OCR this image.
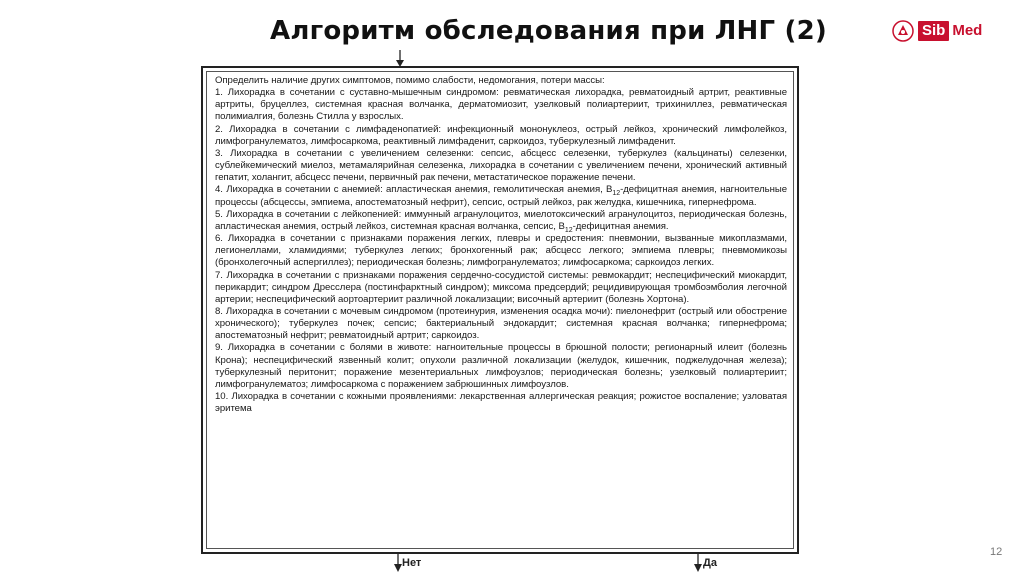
Алгоритм обследования при ЛНГ (2)	Sib Med

Определить наличие других симптомов, помимо слабости, недомогания, потери массы:

1. Лихорадка в сочетании с суставно-мышечным синдромом: ревматическая лихорадка, ревматоидный артрит, реактивные артриты, бруцеллез, системная красная волчанка, дерматомиозит, узелковый полиартериит, трихиниллез, ревматическая полимиалгия, болезнь Стилла у взрослых.

2. Лихорадка в сочетании с лимфаденопатией: инфекционный мононуклеоз, острый лейкоз, хронический лимфолейкоз, лимфогранулематоз, лимфосаркома, реактивный лимфаденит, саркоидоз, туберкулезный лимфаденит.

3. Лихорадка в сочетании с увеличением селезенки: сепсис, абсцесс селезенки, туберкулез (кальцинаты) селезенки, сублейкемический миелоз, метамалярийная селезенка, лихорадка в сочетании с увеличением печени, хронический активный гепатит, холангит, абсцесс печени, первичный рак печени, метастатическое поражение печени.

4. Лихорадка в сочетании с анемией: апластическая анемия, гемолитическая анемия, $В_{12}$-дефицитная анемия, нагноительные процессы (абсцессы, эмпиема, апостематозный нефрит), сепсис, острый лейкоз, рак желудка, кишечника, гипернефрома.

5. Лихорадка в сочетании с лейкопенией: иммунный агранулоцитоз, миелотоксический агранулоцитоз, периодическая болезнь, апластическая анемия, острый лейкоз, системная красная волчанка, сепсис, $В_{12}$-дефицитная анемия.

6. Лихорадка в сочетании с признаками поражения легких, плевры и средостения: пневмонии, вызванные микоплазмами, легионеллами, хламидиями; туберкулез легких; бронхогенный рак; абсцесс легкого; эмпиема плевры; пневмомикозы (бронхолегочный аспергиллез); периодическая болезнь; лимфогранулематоз; лимфосаркома; саркоидоз легких.

7. Лихорадка в сочетании с признаками поражения сердечно-сосудистой системы: ревмокардит; неспецифический миокардит, перикардит; синдром Дресслера (постинфарктный синдром); миксома предсердий; рецидивирующая тромбоэмболия легочной артерии; неспецифический аортоартериит различной локализации; височный артериит (болезнь Хортона).

8. Лихорадка в сочетании с мочевым синдромом (протеинурия, изменения осадка мочи): пиелонефрит (острый или обострение хронического); туберкулез почек; сепсис; бактериальный эндокардит; системная красная волчанка; гипернефрома; апостематозный нефрит; ревматоидный артрит; саркоидоз.

9. Лихорадка в сочетании с болями в животе: нагноительные процессы в брюшной полости; регионарный илеит (болезнь Крона); неспецифический язвенный колит; опухоли различной локализации (желудок, кишечник, поджелудочная железа); туберкулезный перитонит; поражение мезентериальных лимфоузлов; периодическая болезнь; узелковый полиартериит; лимфогранулематоз; лимфосаркома с поражением забрюшинных лимфоузлов.

10. Лихорадка в сочетании с кожными проявлениями: лекарственная аллергическая реакция; рожистое воспаление; узловатая эритема

Нет	Да
12
